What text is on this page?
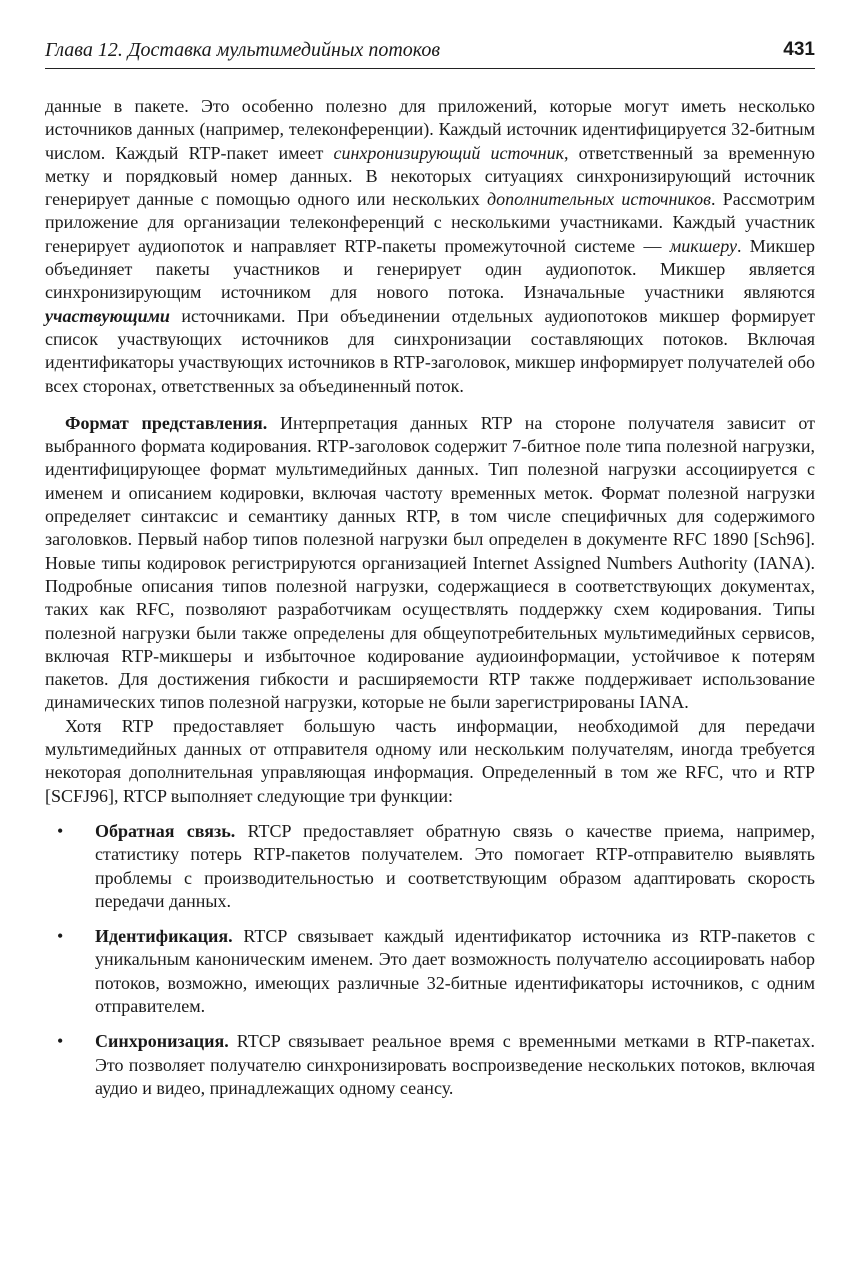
Глава 12. Доставка мультимедийных потоков	431

данные в пакете. Это особенно полезно для приложений, которые могут иметь несколько источников данных (например, телеконференции). Каждый источник идентифицируется 32-битным числом. Каждый RTP-пакет имеет синхронизирующий источник, ответственный за временную метку и порядковый номер данных. В некоторых ситуациях синхронизирующий источник генерирует данные с помощью одного или нескольких дополнительных источников. Рассмотрим приложение для организации телеконференций с несколькими участниками. Каждый участник генерирует аудиопоток и направляет RTP-пакеты промежуточной системе — микшеру. Микшер объединяет пакеты участников и генерирует один аудиопоток. Микшер является синхронизирующим источником для нового потока. Изначальные участники являются участвующими источниками. При объединении отдельных аудиопотоков микшер формирует список участвующих источников для синхронизации составляющих потоков. Включая идентификаторы участвующих источников в RTP-заголовок, микшер информирует получателей обо всех сторонах, ответственных за объединенный поток.

Формат представления. Интерпретация данных RTP на стороне получателя зависит от выбранного формата кодирования. RTP-заголовок содержит 7-битное поле типа полезной нагрузки, идентифицирующее формат мультимедийных данных. Тип полезной нагрузки ассоциируется с именем и описанием кодировки, включая частоту временных меток. Формат полезной нагрузки определяет синтаксис и семантику данных RTP, в том числе специфичных для содержимого заголовков. Первый набор типов полезной нагрузки был определен в документе RFC 1890 [Sch96]. Новые типы кодировок регистрируются организацией Internet Assigned Numbers Authority (IANA). Подробные описания типов полезной нагрузки, содержащиеся в соответствующих документах, таких как RFC, позволяют разработчикам осуществлять поддержку схем кодирования. Типы полезной нагрузки были также определены для общеупотребительных мультимедийных сервисов, включая RTP-микшеры и избыточное кодирование аудиоинформации, устойчивое к потерям пакетов. Для достижения гибкости и расширяемости RTP также поддерживает использование динамических типов полезной нагрузки, которые не были зарегистрированы IANA.

Хотя RTP предоставляет большую часть информации, необходимой для передачи мультимедийных данных от отправителя одному или нескольким получателям, иногда требуется некоторая дополнительная управляющая информация. Определенный в том же RFC, что и RTP [SCFJ96], RTCP выполняет следующие три функции:

• Обратная связь. RTCP предоставляет обратную связь о качестве приема, например, статистику потерь RTP-пакетов получателем. Это помогает RTP-отправителю выявлять проблемы с производительностью и соответствующим образом адаптировать скорость передачи данных.
• Идентификация. RTCP связывает каждый идентификатор источника из RTP-пакетов с уникальным каноническим именем. Это дает возможность получателю ассоциировать набор потоков, возможно, имеющих различные 32-битные идентификаторы источников, с одним отправителем.
• Синхронизация. RTCP связывает реальное время с временными метками в RTP-пакетах. Это позволяет получателю синхронизировать воспроизведение нескольких потоков, включая аудио и видео, принадлежащих одному сеансу.
